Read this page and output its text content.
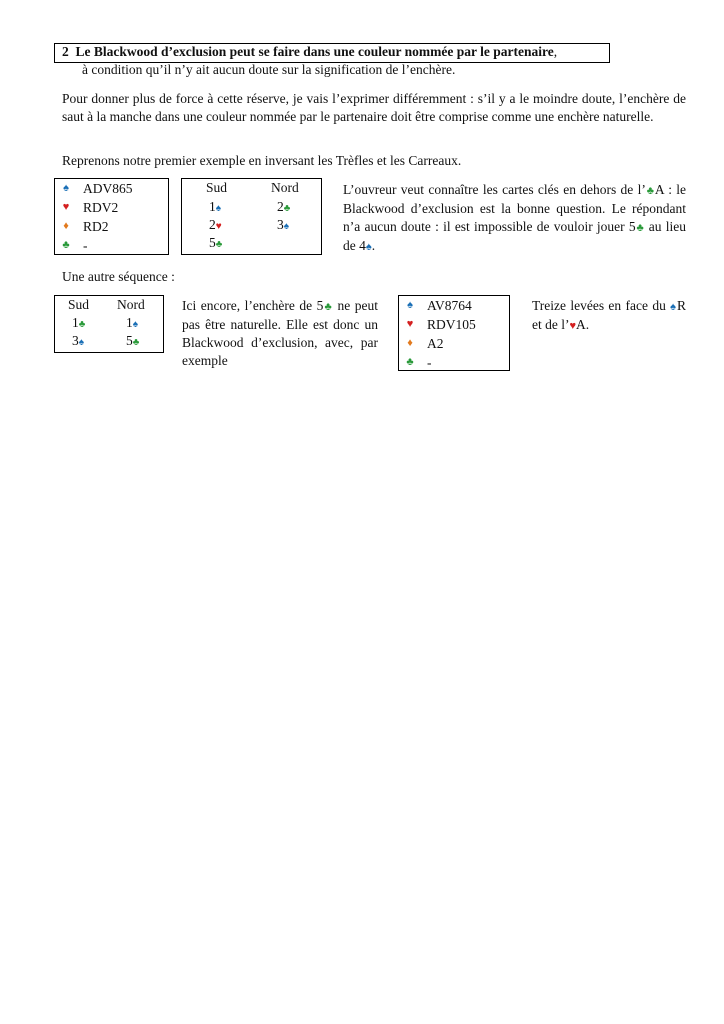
2 Le Blackwood d’exclusion peut se faire dans une couleur nommée par le partenaire,
à condition qu’il n’y ait aucun doute sur la signification de l’enchère.
Pour donner plus de force à cette réserve, je vais l’exprimer différemment : s’il y a le moindre doute, l’enchère de saut à la manche dans une couleur nommée par le partenaire doit être comprise comme une enchère naturelle.
Reprenons notre premier exemple en inversant les Trèfles et les Carreaux.
♠	ADV865
♥	RDV2
♦	RD2
♣ -
Sud	Nord
1♠	2♣
2♥	3♠
5♣
L’ouvreur veut connaître les cartes clés en dehors de l’♣A : le Blackwood d’exclusion est la bonne question. Le répondant n’a aucun doute : il est impossible de vouloir jouer 5♣ au lieu de 4♠.
Une autre séquence :
Sud Nord
1♣	1♠
3♠	5♣
Ici encore, l’enchère de 5♣ ne peut pas être naturelle. Elle est donc un Blackwood d’exclusion, avec, par exemple
♠	AV8764
♥	RDV105
♦	A2
♣ -
Treize levées en face du ♠R et de l’♥A.
